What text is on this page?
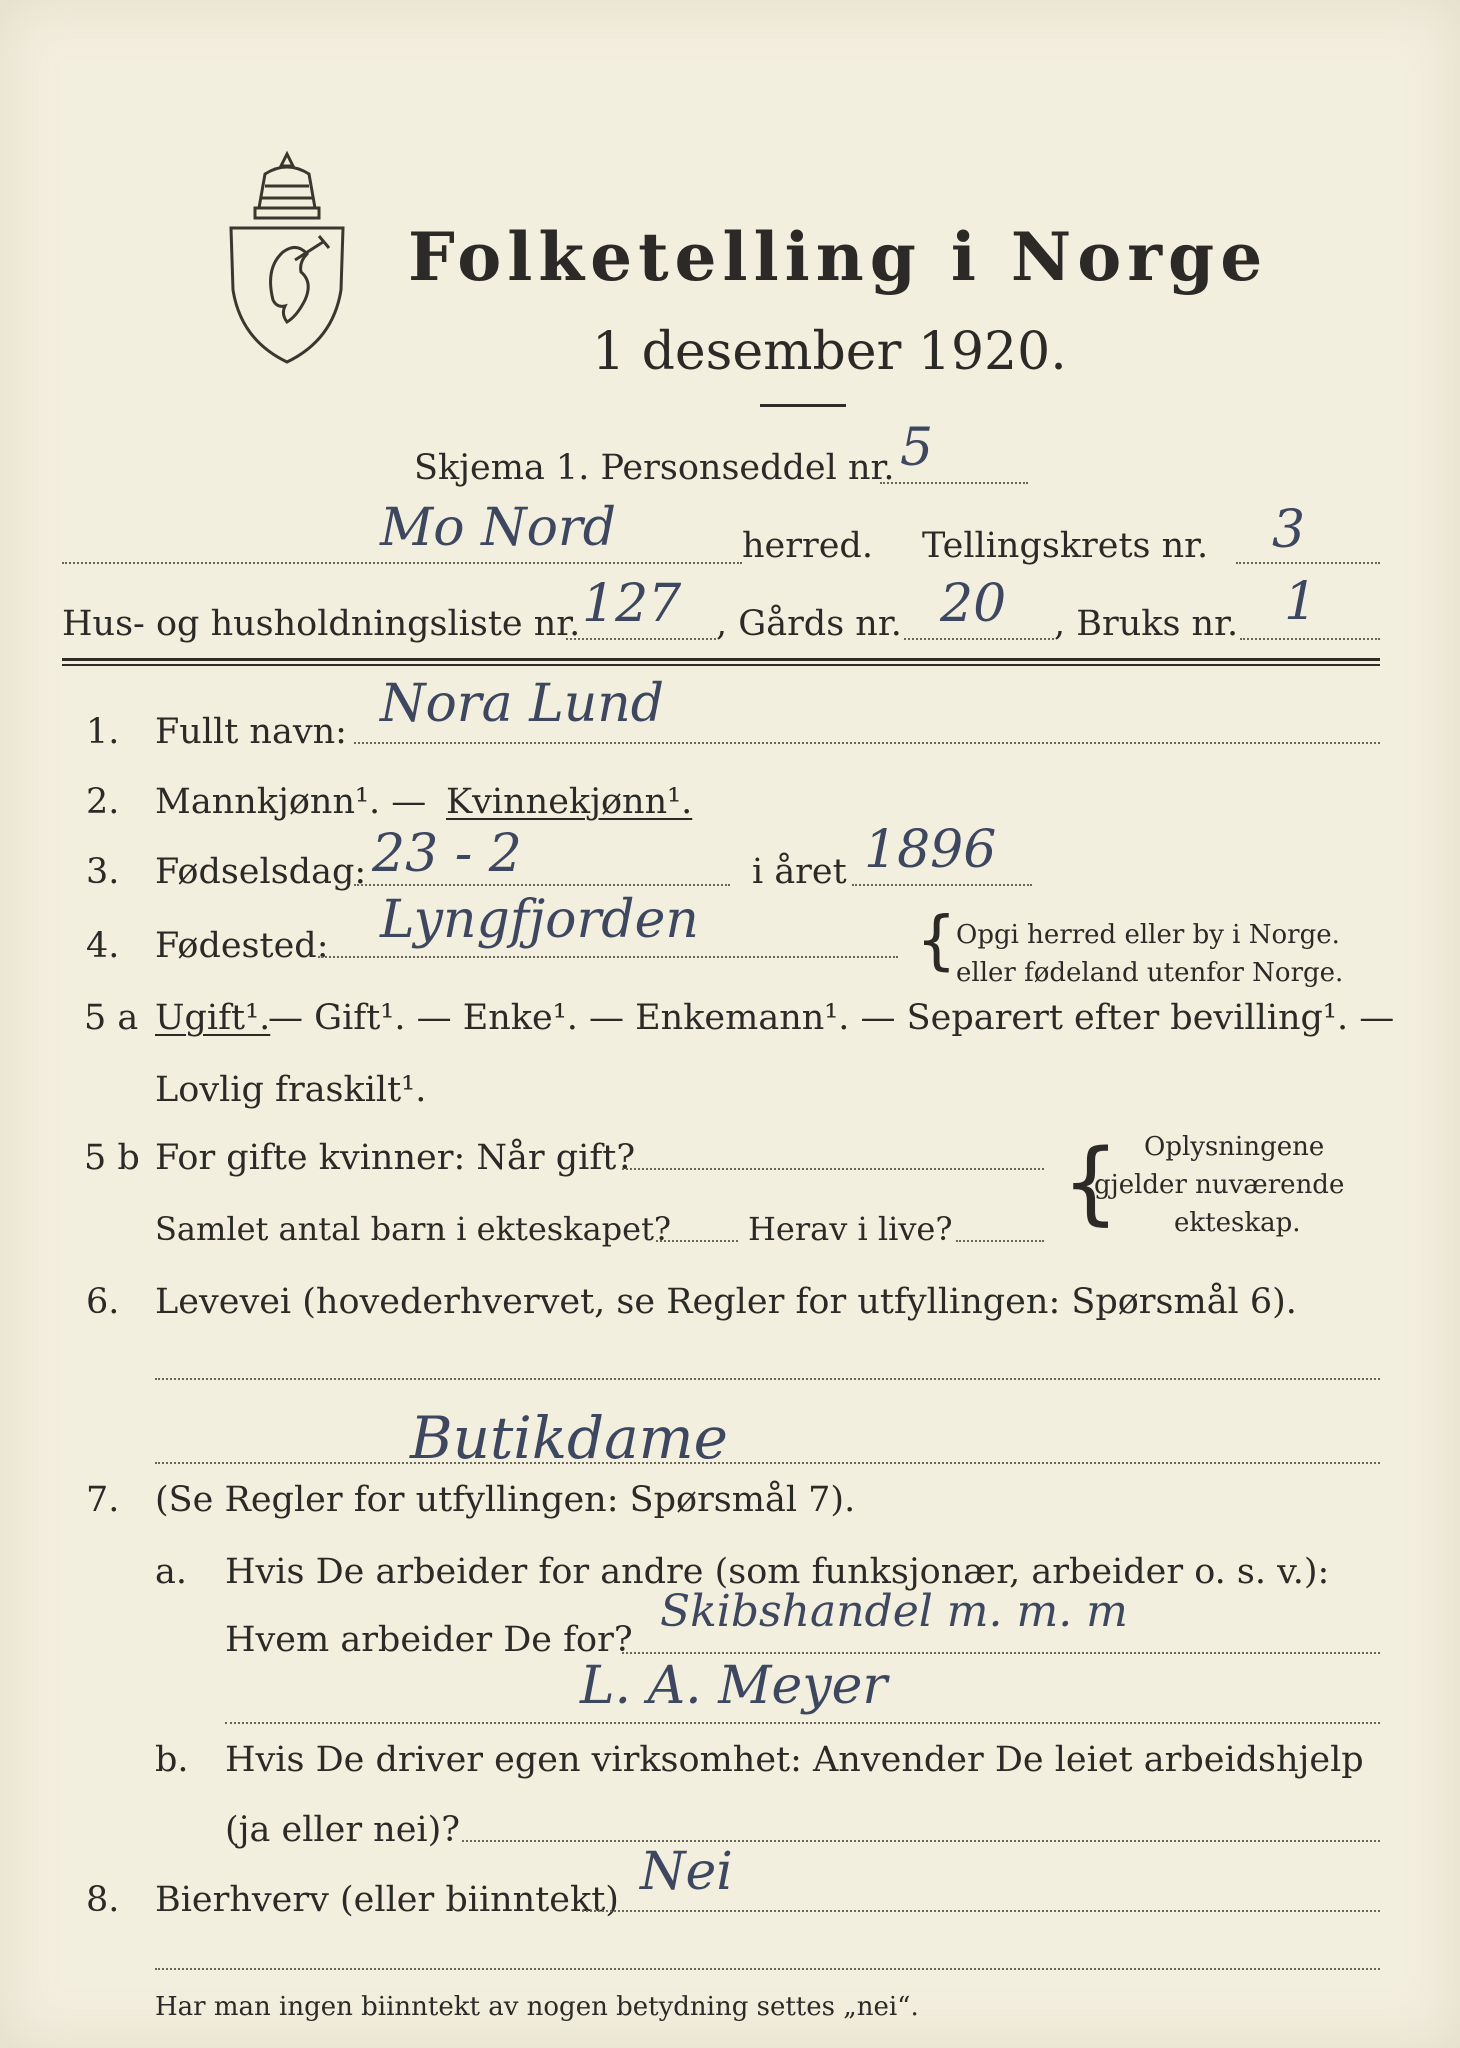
Folketelling i Norge
1 desember 1920.
Skjema 1. Personseddel nr. 5
Mo Nord	herred. Tellingskrets nr. 3
Hus- og husholdningsliste nr. 127 , Gårds nr. 20 , Bruks nr. 1
1. Fullt navn: Nora Lund
2. Mannkjønn¹. — Kvinnekjønn¹.
3. Fødselsdag: 23 - 2	i året 1896
4. Fødested: Lyngfjorden	{ Opgi herred eller by i Norge.
eller fødeland utenfor Norge.
5 a Ugift¹.
— Gift¹. — Enke¹. — Enkemann¹. — Separert efter bevilling¹. —
Lovlig fraskilt¹.
5 b For gifte kvinner: Når gift?
Samlet antal barn i ekteskapet? Herav i live? { Oplysningene
gjelder nuværende
ekteskap.
6. Levevei (hovederhvervet, se Regler for utfyllingen: Spørsmål 6).
Butikdame
7. (Se Regler for utfyllingen: Spørsmål 7).
a. Hvis De arbeider for andre (som funksjonær, arbeider o. s. v.):
Hvem arbeider De for?
Skibshandel m. m. m
L. A. Meyer
b. Hvis De driver egen virksomhet: Anvender De leiet arbeidshjelp
(ja eller nei)?
8. Bierhverv (eller biinntekt) Nei
Har man ingen biinntekt av nogen betydning settes „nei“.
